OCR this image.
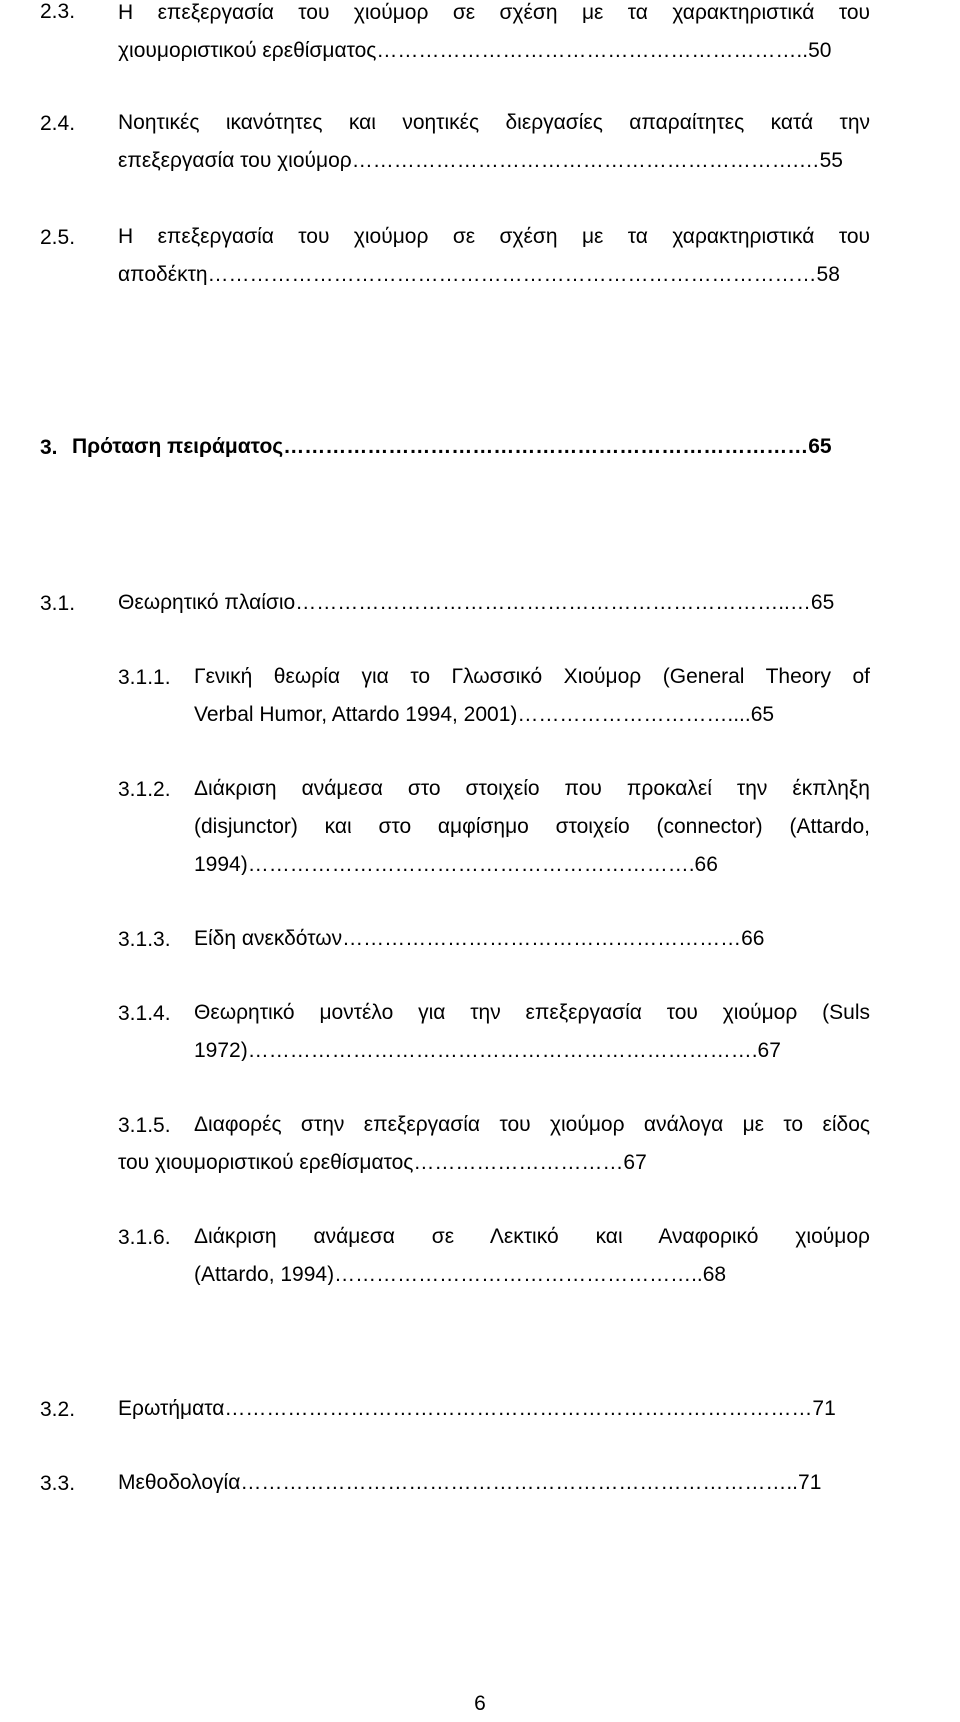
2.3. Η επεξεργασία του χιούμορ σε σχέση με τα χαρακτηριστικά του
χιουμοριστικού ερεθίσματος……………………………………………………..50
2.4. Νοητικές ικανότητες και νοητικές διεργασίες απαραίτητες κατά την
επεξεργασία του χιούμορ……………………………………………………….…55
2.5. Η επεξεργασία του χιούμορ σε σχέση με τα χαρακτηριστικά του
αποδέκτη……………………………………………………………………………58
3. Πρόταση πειράματος…………………………………………………………………65
3.1. Θεωρητικό πλαίσιο……………………………………………………………..…65
3.1.1. Γενική θεωρία για το Γλωσσικό Χιούμορ (General Theory of
Verbal Humor, Attardo 1994, 2001)…………………………....65
3.1.2. Διάκριση ανάμεσα στο στοιχείο που προκαλεί την έκπληξη
(disjunctor) και στο αμφίσημο στοιχείο (connector) (Attardo,
1994)……………………………………………………….66
3.1.3. Είδη ανεκδότων…………………………………………………66
3.1.4. Θεωρητικό μοντέλο για την επεξεργασία του χιούμορ (Suls
1972)……………………………………………………………….67
3.1.5. Διαφορές στην επεξεργασία του χιούμορ ανάλογα με το είδος
του χιουμοριστικού ερεθίσματος…………………………67
3.1.6. Διάκριση ανάμεσα σε Λεκτικό και Αναφορικό χιούμορ
(Attardo, 1994)……………………………………………..68
3.2. Ερωτήματα…………………………………………………………………………71
3.3. Μεθοδολογία……………………………………………………………………..71
6
